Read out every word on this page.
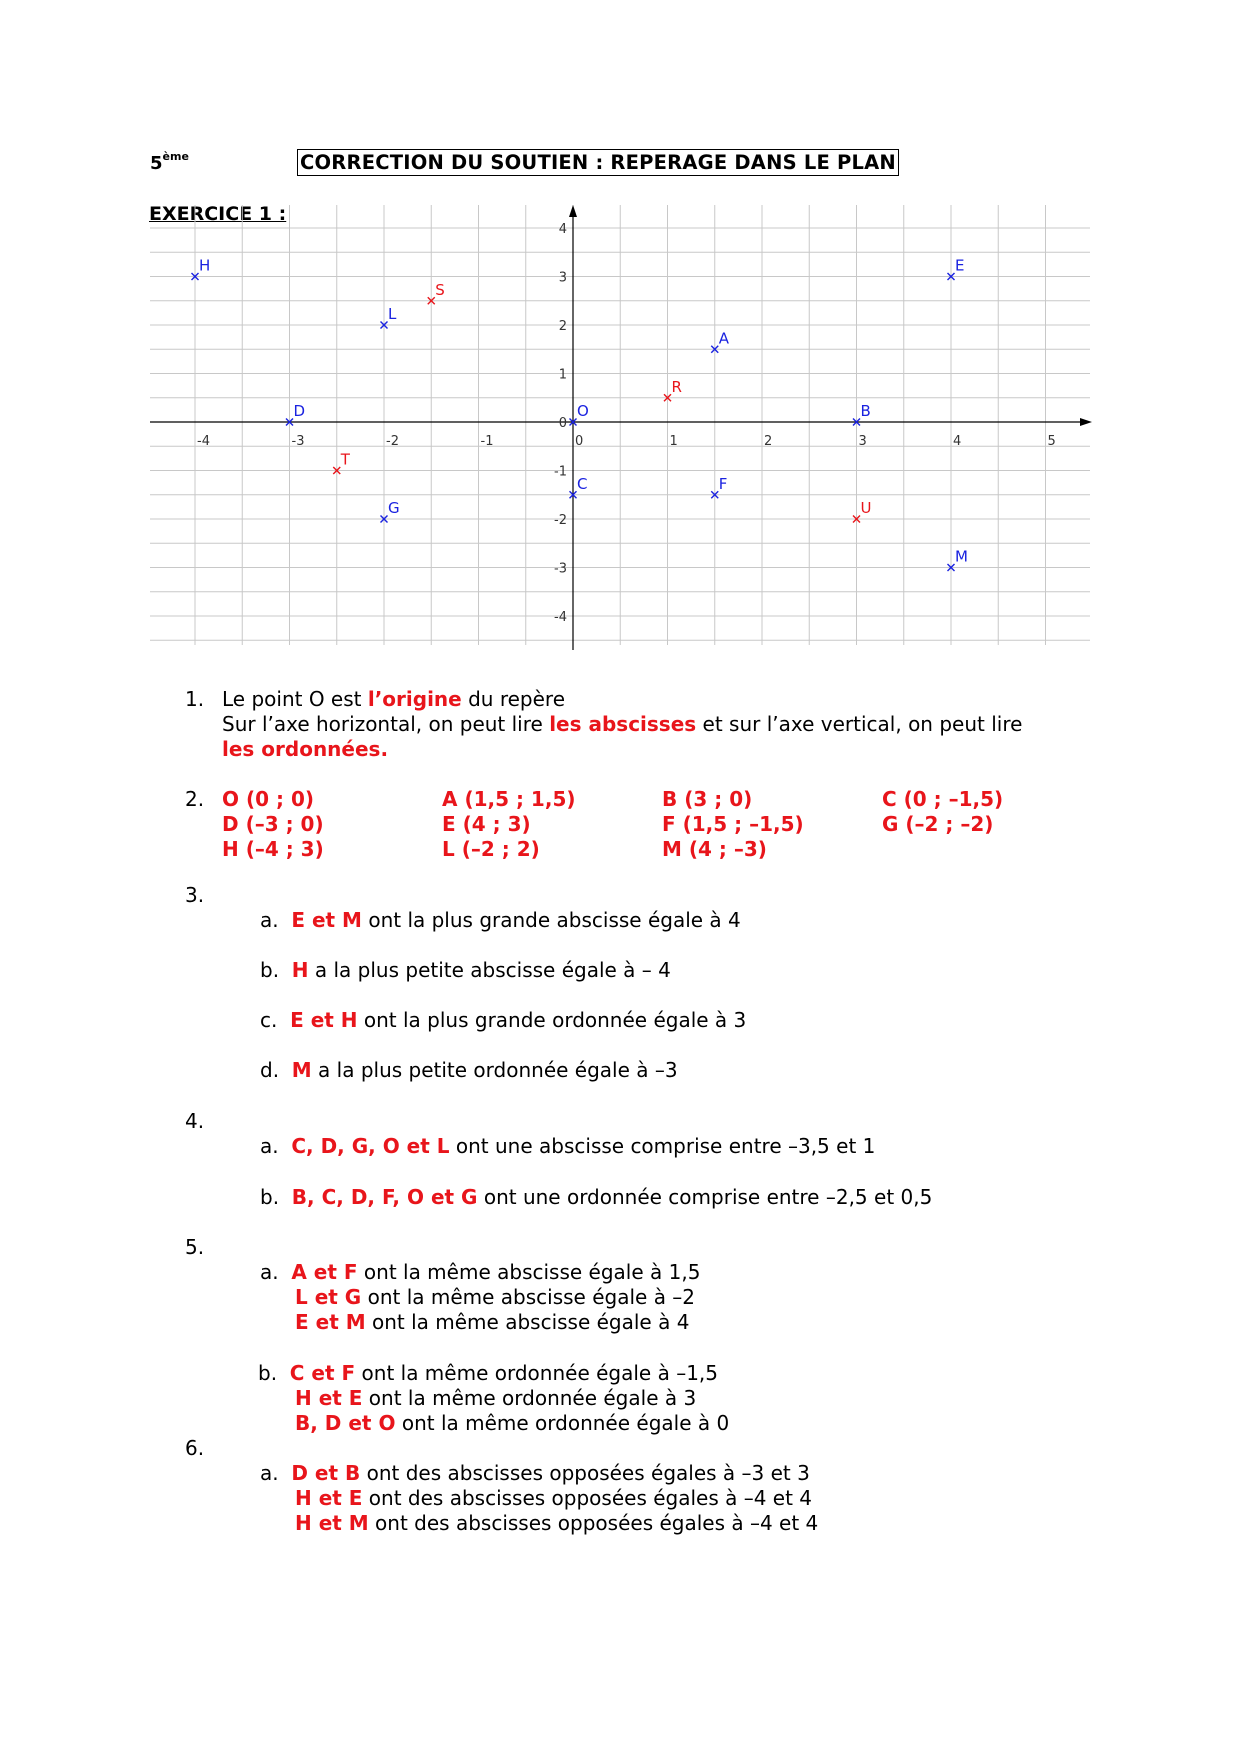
5ème	CORRECTION DU SOUTIEN : REPERAGE DANS LE PLAN
EXERCICE 1 :
-4	-3	-2	-1	0	1	2	3	4	5
4
3
2
1
0
-1
-2
-3
-4
H
S
L
E
A
R
D	O	B
T
C	F
G	U
M
1. Le point O est l’origine du repère
Sur l’axe horizontal, on peut lire les abscisses et sur l’axe vertical, on peut lire
les ordonnées.
2. O (0 ; 0)	A (1,5 ; 1,5)	B (3 ; 0)	C (0 ; –1,5)
D (–3 ; 0)	E (4 ; 3)	F (1,5 ; –1,5)	G (–2 ; –2)
H (–4 ; 3)	L (–2 ; 2)	M (4 ; –3)
3.
a. E et M ont la plus grande abscisse égale à 4
b. H a la plus petite abscisse égale à – 4
c. E et H ont la plus grande ordonnée égale à 3
d. M a la plus petite ordonnée égale à –3
4.
a. C, D, G, O et L ont une abscisse comprise entre –3,5 et 1
b. B, C, D, F, O et G ont une ordonnée comprise entre –2,5 et 0,5
5.
a. A et F ont la même abscisse égale à 1,5
L et G ont la même abscisse égale à –2
E et M ont la même abscisse égale à 4
b. C et F ont la même ordonnée égale à –1,5
H et E ont la même ordonnée égale à 3
B, D et O ont la même ordonnée égale à 0
6.
a. D et B ont des abscisses opposées égales à –3 et 3
H et E ont des abscisses opposées égales à –4 et 4
H et M ont des abscisses opposées égales à –4 et 4
